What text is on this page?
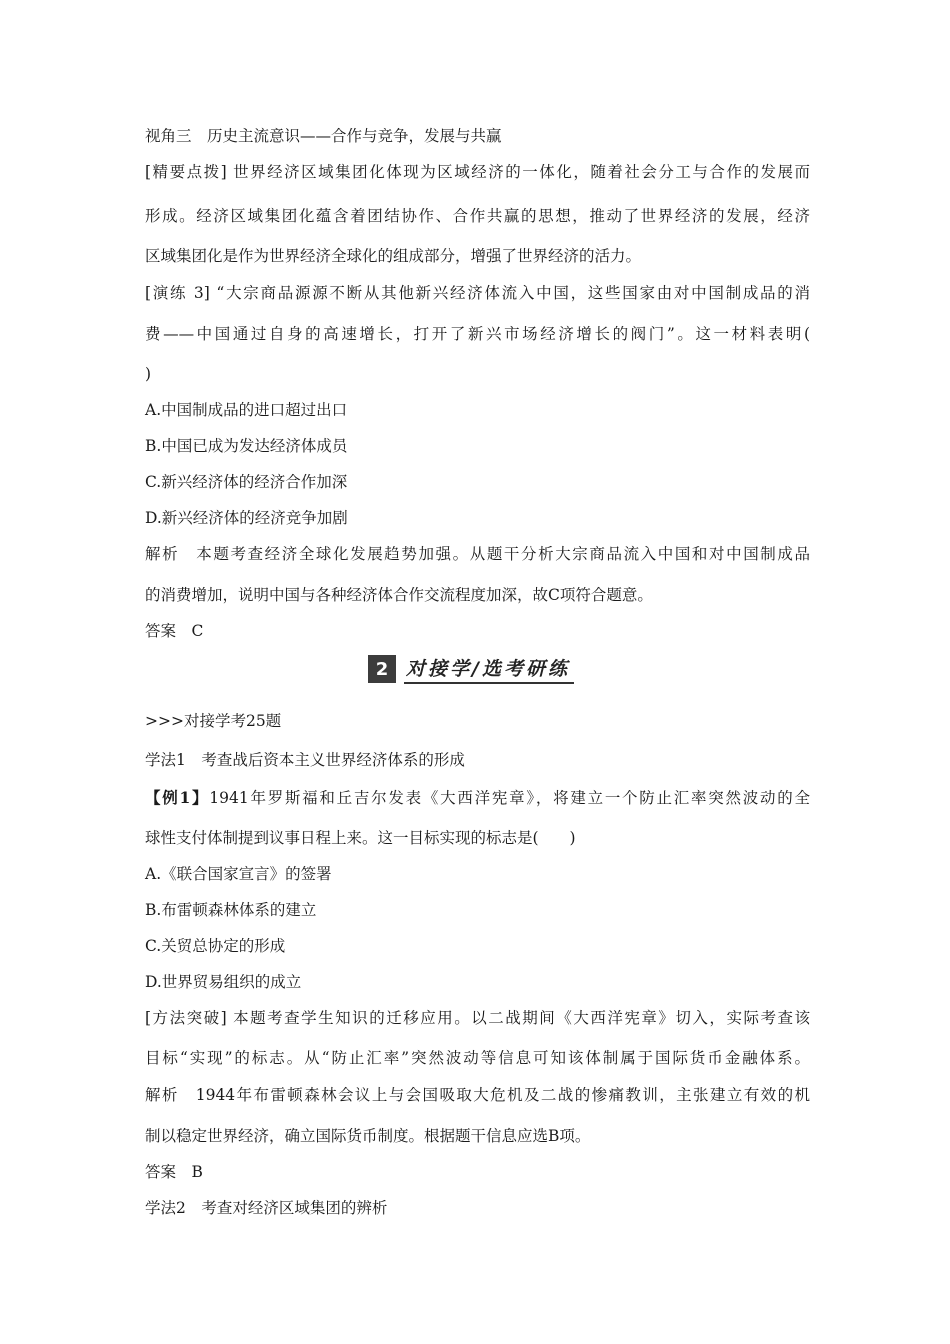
视角三　历史主流意识——合作与竞争，发展与共赢
[精要点拨] 世界经济区域集团化体现为区域经济的一体化，随着社会分工与合作的发展而
形成。经济区域集团化蕴含着团结协作、合作共赢的思想，推动了世界经济的发展，经济
区域集团化是作为世界经济全球化的组成部分，增强了世界经济的活力。
[演练 3] “大宗商品源源不断从其他新兴经济体流入中国，这些国家由对中国制成品的消
费——中国通过自身的高速增长，打开了新兴市场经济增长的阀门”。这一材料表明(
)
A.中国制成品的进口超过出口
B.中国已成为发达经济体成员
C.新兴经济体的经济合作加深
D.新兴经济体的经济竞争加剧
解析　本题考查经济全球化发展趋势加强。从题干分析大宗商品流入中国和对中国制成品
的消费增加，说明中国与各种经济体合作交流程度加深，故C项符合题意。
答案　C
2 对接学/选考研练
>>>对接学考25题
学法1　考查战后资本主义世界经济体系的形成
【例1】1941年罗斯福和丘吉尔发表《大西洋宪章》，将建立一个防止汇率突然波动的全
球性支付体制提到议事日程上来。这一目标实现的标志是(　　)
A.《联合国家宣言》的签署
B.布雷顿森林体系的建立
C.关贸总协定的形成
D.世界贸易组织的成立
[方法突破] 本题考查学生知识的迁移应用。以二战期间《大西洋宪章》切入，实际考查该
目标“实现”的标志。从“防止汇率”突然波动等信息可知该体制属于国际货币金融体系。
解析　1944年布雷顿森林会议上与会国吸取大危机及二战的惨痛教训，主张建立有效的机
制以稳定世界经济，确立国际货币制度。根据题干信息应选B项。
答案　B
学法2　考查对经济区域集团的辨析
